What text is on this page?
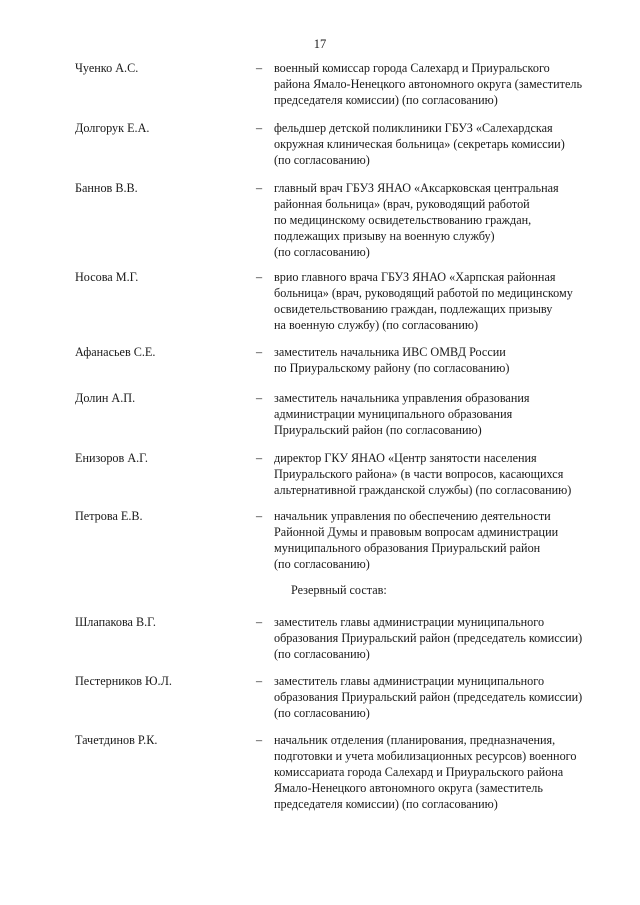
17
Чуенко А.С.	– военный комиссар города Салехард и Приуральского
района Ямало-Ненецкого автономного округа (заместитель
председателя комиссии) (по согласованию)
Долгорук Е.А.	– фельдшер детской поликлиники ГБУЗ «Салехардская
окружная клиническая больница» (секретарь комиссии)
(по согласованию)
Баннов В.В.	– главный врач ГБУЗ ЯНАО «Аксарковская центральная
районная больница» (врач, руководящий работой
по медицинскому освидетельствованию граждан,
подлежащих призыву на военную службу)
(по согласованию)
Носова М.Г.	– врио главного врача ГБУЗ ЯНАО «Харпская районная
больница» (врач, руководящий работой по медицинскому
освидетельствованию граждан, подлежащих призыву
на военную службу) (по согласованию)
Афанасьев С.Е.	– заместитель начальника ИВС ОМВД России
по Приуральскому району (по согласованию)
Долин А.П.	– заместитель начальника управления образования
администрации муниципального образования
Приуральский район (по согласованию)
Енизоров А.Г.	– директор ГКУ ЯНАО «Центр занятости населения
Приуральского района» (в части вопросов, касающихся
альтернативной гражданской службы) (по согласованию)
Петрова Е.В.	– начальник управления по обеспечению деятельности
Районной Думы и правовым вопросам администрации
муниципального образования Приуральский район
(по согласованию)
Резервный состав:
Шлапакова В.Г.	– заместитель главы администрации муниципального
образования Приуральский район (председатель комиссии)
(по согласованию)
Пестерников Ю.Л.	– заместитель главы администрации муниципального
образования Приуральский район (председатель комиссии)
(по согласованию)
Тачетдинов Р.К.	– начальник отделения (планирования, предназначения,
подготовки и учета мобилизационных ресурсов) военного
комиссариата города Салехард и Приуральского района
Ямало-Ненецкого автономного округа (заместитель
председателя комиссии) (по согласованию)
